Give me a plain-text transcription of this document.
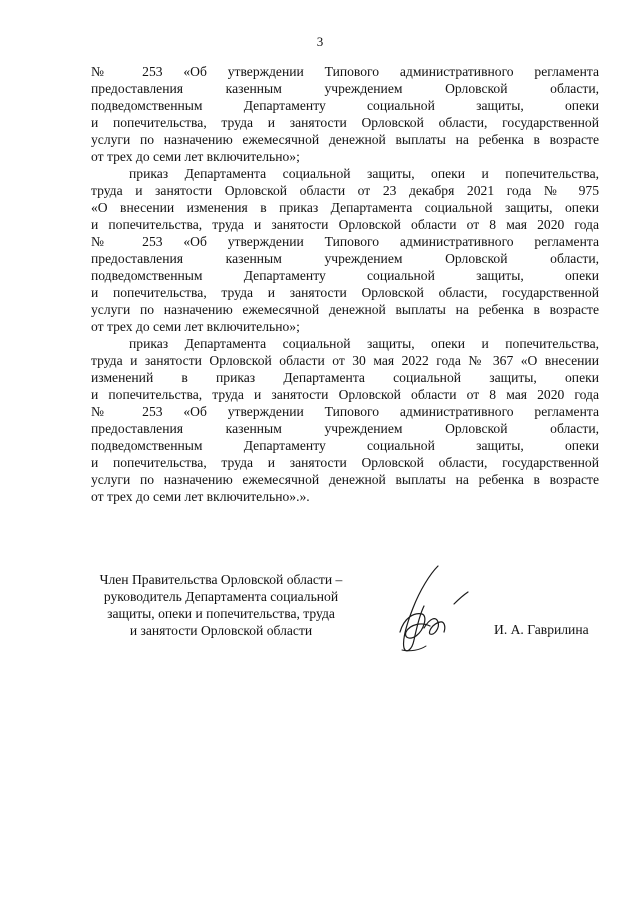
3
№ 253 «Об утверждении Типового административного регламента
предоставления казенным учреждением Орловской области,
подведомственным Департаменту социальной защиты, опеки
и попечительства, труда и занятости Орловской области, государственной
услуги по назначению ежемесячной денежной выплаты на ребенка в возрасте
от трех до семи лет включительно»;
приказ Департамента социальной защиты, опеки и попечительства,
труда и занятости Орловской области от 23 декабря 2021 года № 975
«О внесении изменения в приказ Департамента социальной защиты, опеки
и попечительства, труда и занятости Орловской области от 8 мая 2020 года
№ 253 «Об утверждении Типового административного регламента
предоставления казенным учреждением Орловской области,
подведомственным Департаменту социальной защиты, опеки
и попечительства, труда и занятости Орловской области, государственной
услуги по назначению ежемесячной денежной выплаты на ребенка в возрасте
от трех до семи лет включительно»;
приказ Департамента социальной защиты, опеки и попечительства,
труда и занятости Орловской области от 30 мая 2022 года № 367 «О внесении
изменений в приказ Департамента социальной защиты, опеки
и попечительства, труда и занятости Орловской области от 8 мая 2020 года
№ 253 «Об утверждении Типового административного регламента
предоставления казенным учреждением Орловской области,
подведомственным Департаменту социальной защиты, опеки
и попечительства, труда и занятости Орловской области, государственной
услуги по назначению ежемесячной денежной выплаты на ребенка в возрасте
от трех до семи лет включительно».».
Член Правительства Орловской области –
руководитель Департамента социальной
защиты, опеки и попечительства, труда
и занятости Орловской области	И. А. Гаврилина
